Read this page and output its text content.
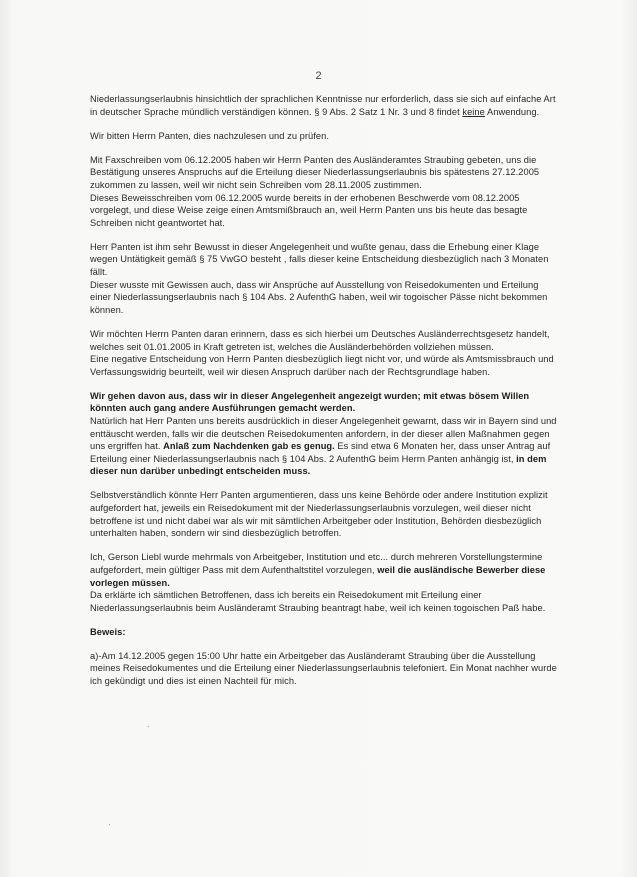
2

Niederlassungserlaubnis hinsichtlich der sprachlichen Kenntnisse nur erforderlich, dass sie sich auf einfache Art in deutscher Sprache mündlich verständigen können. § 9 Abs. 2 Satz 1 Nr. 3 und 8 findet keine Anwendung.

Wir bitten Herrn Panten, dies nachzulesen und zu prüfen.

Mit Faxschreiben vom 06.12.2005 haben wir Herrn Panten des Ausländeramtes Straubing gebeten, uns die Bestätigung unseres Anspruchs auf die Erteilung dieser Niederlassungserlaubnis bis spätestens 27.12.2005 zukommen zu lassen, weil wir nicht sein Schreiben vom 28.11.2005 zustimmen.
Dieses Beweisschreiben vom 06.12.2005 wurde bereits in der erhobenen Beschwerde vom 08.12.2005 vorgelegt, und diese Weise zeige einen Amtsmißbrauch an, weil Herrn Panten uns bis heute das besagte Schreiben nicht geantwortet hat.

Herr Panten ist ihm sehr Bewusst in dieser Angelegenheit und wußte genau, dass die Erhebung einer Klage wegen Untätigkeit gemäß § 75 VwGO besteht , falls dieser keine Entscheidung diesbezüglich nach 3 Monaten fällt.
Dieser wusste mit Gewissen auch, dass wir Ansprüche auf Ausstellung von Reisedokumenten und Erteilung einer Niederlassungserlaubnis nach § 104 Abs. 2 AufenthG haben, weil wir togoischer Pässe nicht bekommen können.

Wir möchten Herrn Panten daran erinnern, dass es sich hierbei um Deutsches Ausländerrechtsgesetz handelt, welches seit 01.01.2005 in Kraft getreten ist, welches die Ausländerbehörden vollziehen müssen.
Eine negative Entscheidung von Herrn Panten diesbezüglich liegt nicht vor, und würde als Amtsmissbrauch und Verfassungswidrig beurteilt, weil wir diesen Anspruch darüber nach der Rechtsgrundlage haben.

Wir gehen davon aus, dass wir in dieser Angelegenheit angezeigt wurden; mit etwas bösem Willen könnten auch gang andere Ausführungen gemacht werden.
Natürlich hat Herr Panten uns bereits ausdrücklich in dieser Angelegenheit gewarnt, dass wir in Bayern sind und enttäuscht werden, falls wir die deutschen Reisedokumenten anfordern, in der dieser allen Maßnahmen gegen uns ergriffen hat. Anlaß zum Nachdenken gab es genug. Es sind etwa 6 Monaten her, dass unser Antrag auf Erteilung einer Niederlassungserlaubnis nach § 104 Abs. 2 AufenthG beim Herrn Panten anhängig ist, in dem dieser nun darüber unbedingt entscheiden muss.

Selbstverständlich könnte Herr Panten argumentieren, dass uns keine Behörde oder andere Institution explizit aufgefordert hat, jeweils ein Reisedokument mit der Niederlassungserlaubnis vorzulegen, weil dieser nicht betroffene ist und nicht dabei war als wir mit sämtlichen Arbeitgeber oder Institution, Behörden diesbezüglich unterhalten haben, sondern wir sind diesbezüglich betroffen.

Ich, Gerson Liebl wurde mehrmals von Arbeitgeber, Institution und etc... durch mehreren Vorstellungstermine aufgefordert, mein gültiger Pass mit dem Aufenthaltstitel vorzulegen, weil die ausländische Bewerber diese vorlegen müssen.
Da erklärte ich sämtlichen Betroffenen, dass ich bereits ein Reisedokument mit Erteilung einer Niederlassungserlaubnis beim Ausländeramt Straubing beantragt habe, weil ich keinen togoischen Paß habe.

Beweis:

a)-Am 14.12.2005 gegen 15:00 Uhr hatte ein Arbeitgeber das Ausländeramt Straubing über die Ausstellung meines Reisedokumentes und die Erteilung einer Niederlassungserlaubnis telefoniert. Ein Monat nachher wurde ich gekündigt und dies ist einen Nachteil für mich.

·
·
